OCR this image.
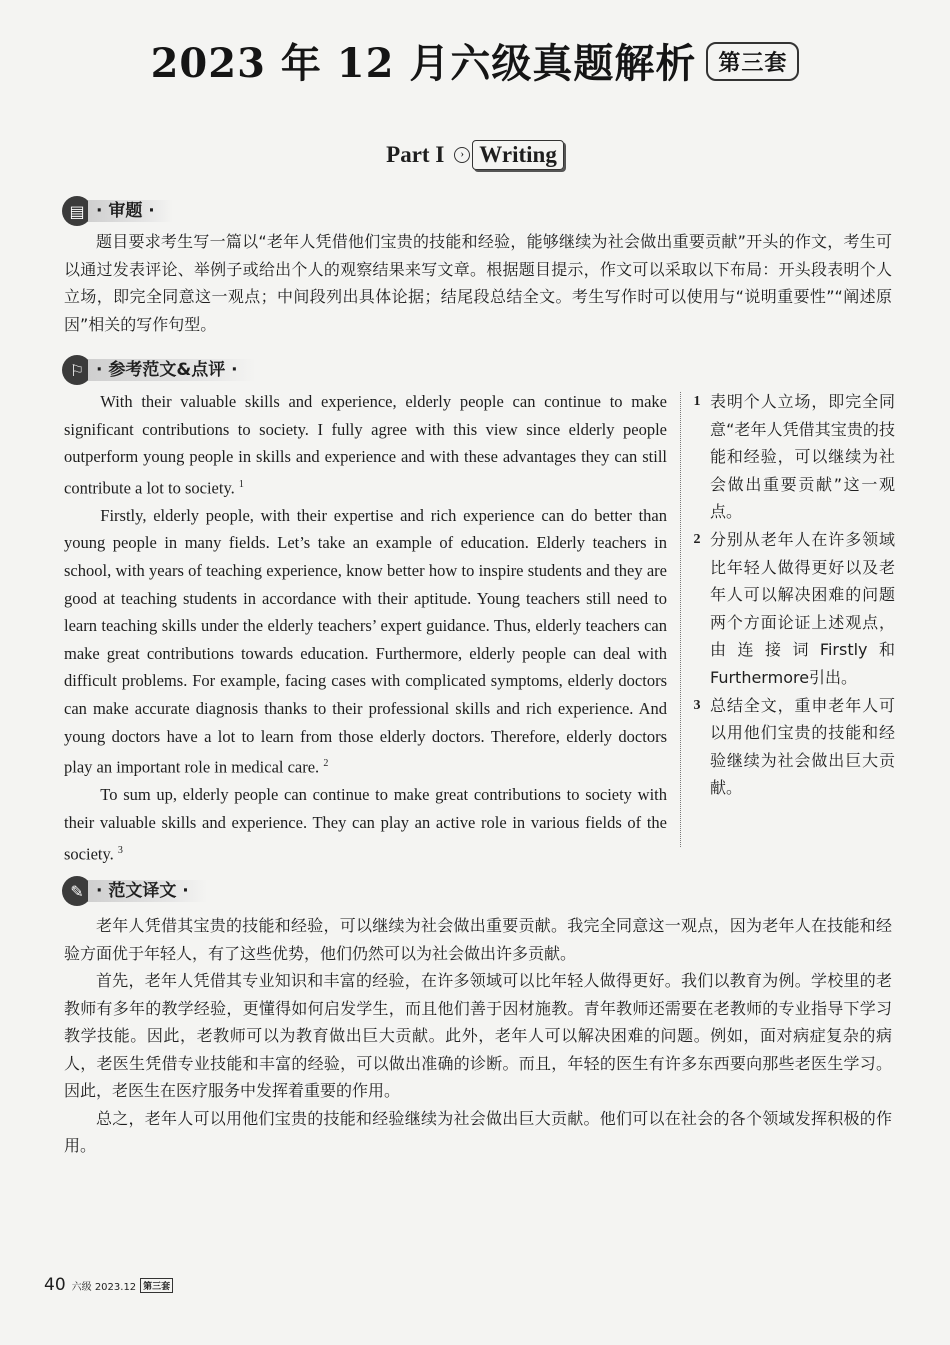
2023 年 12 月六级真题解析 第三套
Part I › Writing
▤ · 审题 ·

题目要求考生写一篇以“老年人凭借他们宝贵的技能和经验，能够继续为社会做出重要贡献”开头的作文，考生可以通过发表评论、举例子或给出个人的观察结果来写文章。根据题目提示，作文可以采取以下布局：开头段表明个人立场，即完全同意这一观点；中间段列出具体论据；结尾段总结全文。考生写作时可以使用与“说明重要性”“阐述原因”相关的写作句型。

⚐ · 参考范文&点评 ·

With their valuable skills and experience, elderly people can continue to make significant contributions to society. I fully agree with this view since elderly people outperform young people in skills and experience and with these advantages they can still contribute a lot to society. $^1$

Firstly, elderly people, with their expertise and rich experience can do better than young people in many fields. Let’s take an example of education. Elderly teachers in school, with years of teaching experience, know better how to inspire students and they are good at teaching students in accordance with their aptitude. Young teachers still need to learn teaching skills under the elderly teachers’ expert guidance. Thus, elderly teachers can make great contributions towards education. Furthermore, elderly people can deal with difficult problems. For example, facing cases with complicated symptoms, elderly doctors can make accurate diagnosis thanks to their professional skills and rich experience. And young doctors have a lot to learn from those elderly doctors. Therefore, elderly doctors play an important role in medical care. $^2$

To sum up, elderly people can continue to make great contributions to society with their valuable skills and experience. They can play an active role in various fields of the society. $^3$

1 表明个人立场，即完全同意“老年人凭借其宝贵的技能和经验，可以继续为社会做出重要贡献”这一观点。
2 分别从老年人在许多领域比年轻人做得更好以及老年人可以解决困难的问题两个方面论证上述观点，由连接词Firstly和Furthermore引出。
3 总结全文，重申老年人可以用他们宝贵的技能和经验继续为社会做出巨大贡献。
✎ · 范文译文 ·

老年人凭借其宝贵的技能和经验，可以继续为社会做出重要贡献。我完全同意这一观点，因为老年人在技能和经验方面优于年轻人，有了这些优势，他们仍然可以为社会做出许多贡献。

首先，老年人凭借其专业知识和丰富的经验，在许多领域可以比年轻人做得更好。我们以教育为例。学校里的老教师有多年的教学经验，更懂得如何启发学生，而且他们善于因材施教。青年教师还需要在老教师的专业指导下学习教学技能。因此，老教师可以为教育做出巨大贡献。此外，老年人可以解决困难的问题。例如，面对病症复杂的病人，老医生凭借专业技能和丰富的经验，可以做出准确的诊断。而且，年轻的医生有许多东西要向那些老医生学习。因此，老医生在医疗服务中发挥着重要的作用。

总之，老年人可以用他们宝贵的技能和经验继续为社会做出巨大贡献。他们可以在社会的各个领域发挥积极的作用。

40 六级 2023.12 第三套
